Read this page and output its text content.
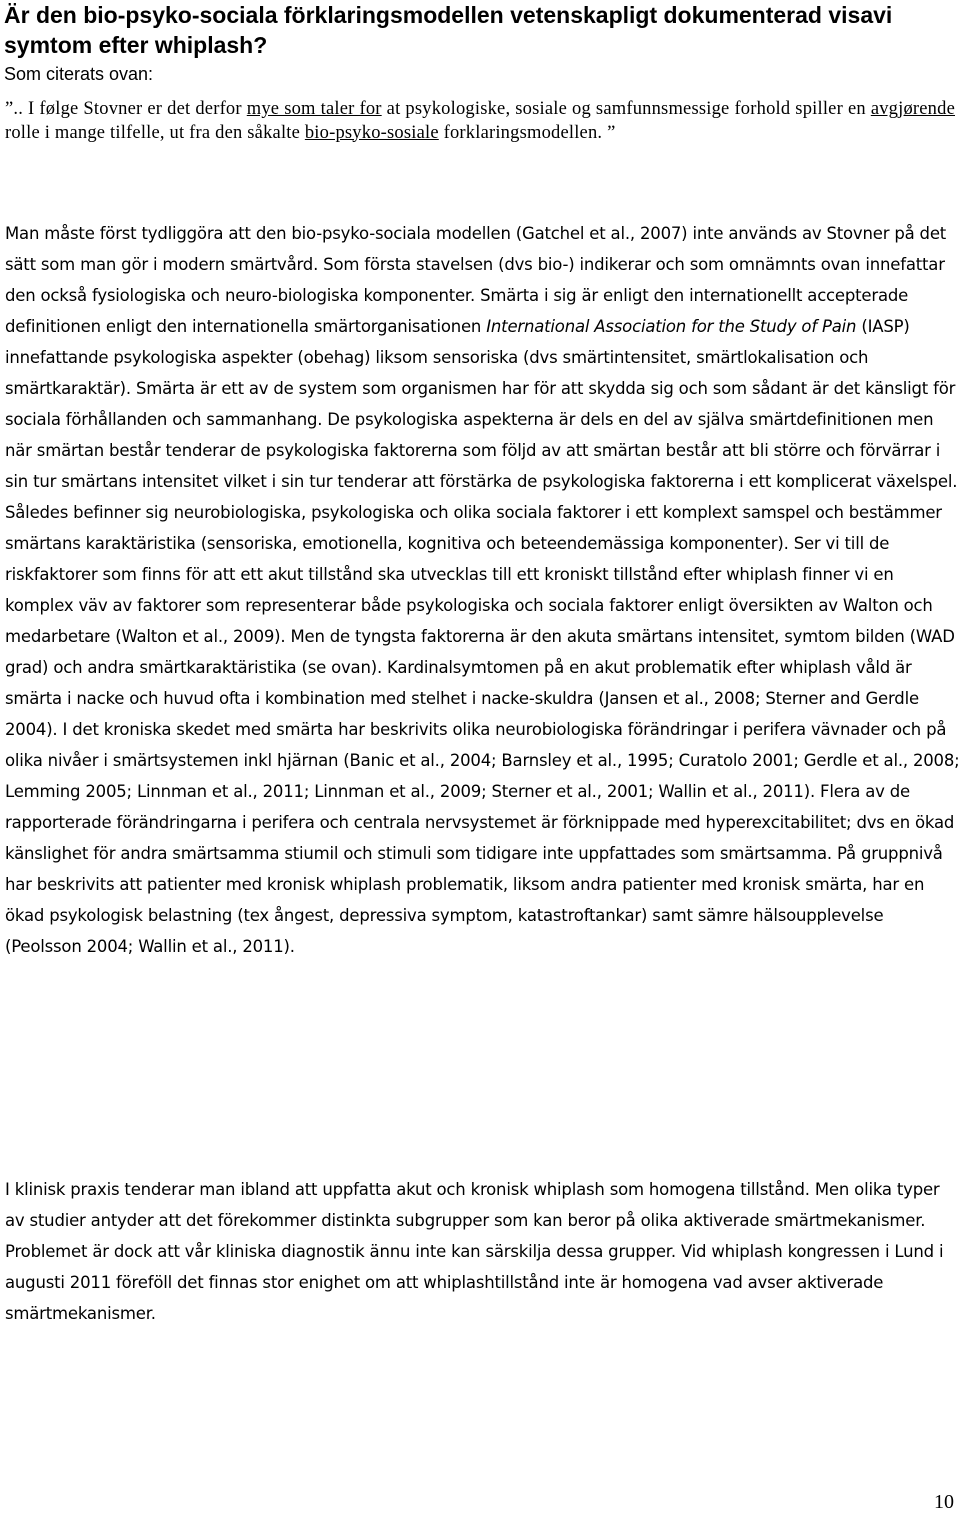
Är den bio-psyko-sociala förklaringsmodellen vetenskapligt dokumenterad visavi symtom efter whiplash?
Som citerats ovan:
”.. I følge Stovner er det derfor mye som taler for at psykologiske, sosiale og samfunnsmessige forhold spiller en avgjørende rolle i mange tilfelle, ut fra den såkalte bio-psyko-sosiale forklaringsmodellen. ”

Man måste först tydliggöra att den bio-psyko-sociala modellen (Gatchel et al., 2007) inte används av Stovner på det sätt som man gör i modern smärtvård. Som första stavelsen (dvs bio-) indikerar och som omnämnts ovan innefattar den också fysiologiska och neuro-biologiska komponenter. Smärta i sig är enligt den internationellt accepterade definitionen enligt den internationella smärtorganisationen International Association for the Study of Pain (IASP) innefattande psykologiska aspekter (obehag) liksom sensoriska (dvs smärtintensitet, smärtlokalisation och smärtkaraktär). Smärta är ett av de system som organismen har för att skydda sig och som sådant är det känsligt för sociala förhållanden och sammanhang. De psykologiska aspekterna är dels en del av själva smärtdefinitionen men när smärtan består tenderar de psykologiska faktorerna som följd av att smärtan består att bli större och förvärrar i sin tur smärtans intensitet vilket i sin tur tenderar att förstärka de psykologiska faktorerna i ett komplicerat växelspel. Således befinner sig neurobiologiska, psykologiska och olika sociala faktorer i ett komplext samspel och bestämmer smärtans karaktäristika (sensoriska, emotionella, kognitiva och beteendemässiga komponenter). Ser vi till de riskfaktorer som finns för att ett akut tillstånd ska utvecklas till ett kroniskt tillstånd efter whiplash finner vi en komplex väv av faktorer som representerar både psykologiska och sociala faktorer enligt översikten av Walton och medarbetare (Walton et al., 2009). Men de tyngsta faktorerna är den akuta smärtans intensitet, symtom bilden (WAD grad) och andra smärtkaraktäristika (se ovan). Kardinalsymtomen på en akut problematik efter whiplash våld är smärta i nacke och huvud ofta i kombination med stelhet i nacke-skuldra (Jansen et al., 2008; Sterner and Gerdle 2004). I det kroniska skedet med smärta har beskrivits olika neurobiologiska förändringar i perifera vävnader och på olika nivåer i smärtsystemen inkl hjärnan (Banic et al., 2004; Barnsley et al., 1995; Curatolo 2001; Gerdle et al., 2008; Lemming 2005; Linnman et al., 2011; Linnman et al., 2009; Sterner et al., 2001; Wallin et al., 2011). Flera av de rapporterade förändringarna i perifera och centrala nervsystemet är förknippade med hyperexcitabilitet; dvs en ökad känslighet för andra smärtsamma stiumil och stimuli som tidigare inte uppfattades som smärtsamma. På gruppnivå har beskrivits att patienter med kronisk whiplash problematik, liksom andra patienter med kronisk smärta, har en ökad psykologisk belastning (tex ångest, depressiva symptom, katastroftankar) samt sämre hälsoupplevelse (Peolsson 2004; Wallin et al., 2011).

I klinisk praxis tenderar man ibland att uppfatta akut och kronisk whiplash som homogena tillstånd. Men olika typer av studier antyder att det förekommer distinkta subgrupper som kan beror på olika aktiverade smärtmekanismer. Problemet är dock att vår kliniska diagnostik ännu inte kan särskilja dessa grupper. Vid whiplash kongressen i Lund i augusti 2011 föreföll det finnas stor enighet om att whiplashtillstånd inte är homogena vad avser aktiverade smärtmekanismer.

10
